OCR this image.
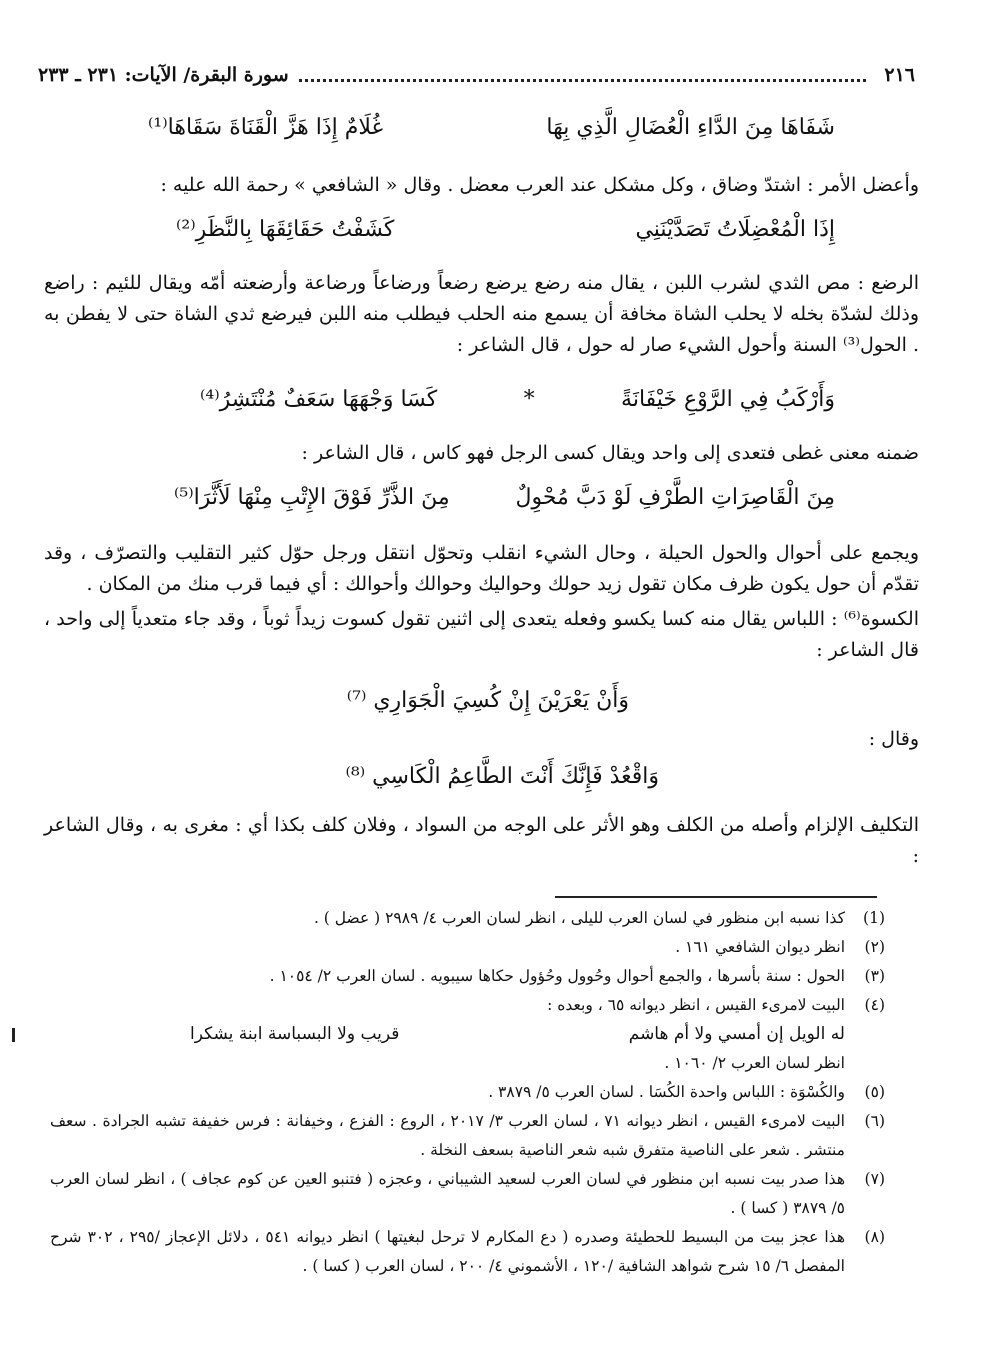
٢١٦
سورة البقرة/ الآيات: ٢٣١ ـ ٢٣٣
شَفَاهَا مِنَ الدَّاءِ الْعُضَالِ الَّذِي بِهَا
غُلَامٌ إِذَا هَزَّ الْقَنَاةَ سَقَاهَا⁽¹⁾

وأعضل الأمر : اشتدّ وضاق ، وكل مشكل عند العرب معضل . وقال « الشافعي » رحمة الله عليه :

إِذَا الْمُعْضِلَاتُ تَصَدَّيْنَنِي
كَشَفْتُ حَقَائِقَهَا بِالنَّظَرِ⁽²⁾

الرضع : مص الثدي لشرب اللبن ، يقال منه رضع يرضع رضعاً ورضاعاً ورضاعة وأرضعته أمّه ويقال للئيم : راضع وذلك لشدّة بخله لا يحلب الشاة مخافة أن يسمع منه الحلب فيطلب منه اللبن فيرضع ثدي الشاة حتى لا يفطن به . الحول⁽³⁾ السنة وأحول الشيء صار له حول ، قال الشاعر :

وَأَرْكَبُ فِي الرَّوْعِ خَيْفَانَةً
*
كَسَا وَجْهَهَا سَعَفٌ مُنْتَشِرُ⁽⁴⁾

ضمنه معنى غطى فتعدى إلى واحد ويقال كسى الرجل فهو كاس ، قال الشاعر :

مِنَ الْقَاصِرَاتِ الطَّرْفِ لَوْ دَبَّ مُحْوِلٌ
مِنَ الذَّرِّ فَوْقَ الإِتْبِ مِنْهَا لَأَثَّرَا⁽⁵⁾

ويجمع على أحوال والحول الحيلة ، وحال الشيء انقلب وتحوّل انتقل ورجل حوّل كثير التقليب والتصرّف ، وقد تقدّم أن حول يكون ظرف مكان تقول زيد حولك وحواليك وحوالك وأحوالك : أي فيما قرب منك من المكان .

الكسوة⁽⁶⁾ : اللباس يقال منه كسا يكسو وفعله يتعدى إلى اثنين تقول كسوت زيداً ثوباً ، وقد جاء متعدياً إلى واحد ، قال الشاعر :

وَأَنْ يَعْرَيْنَ إِنْ كُسِيَ الْجَوَارِي ⁽⁷⁾

وقال :

وَاقْعُدْ فَإِنَّكَ أَنْتَ الطَّاعِمُ الْكَاسِي ⁽⁸⁾

التكليف الإلزام وأصله من الكلف وهو الأثر على الوجه من السواد ، وفلان كلف بكذا أي : مغرى به ، وقال الشاعر :

(1)
كذا نسبه ابن منظور في لسان العرب لليلى ، انظر لسان العرب ٤/ ٢٩٨٩ ( عضل ) .
(٢)
انظر ديوان الشافعي ١٦١ .
(٣)
الحول : سنة بأسرها ، والجمع أحوال وحُوول وحُؤول حكاها سيبويه . لسان العرب ٢/ ١٠٥٤ .
(٤)
البيت لامرىء القيس ، انظر ديوانه ٦٥ ، وبعده :
له الويل إن أمسي ولا أم هاشم
قريب ولا البسباسة ابنة يشكرا
انظر لسان العرب ٢/ ١٠٦٠ .
(٥)
والكُسْوَة : اللباس واحدة الكُسَا . لسان العرب ٥/ ٣٨٧٩ .
(٦)
البيت لامرىء القيس ، انظر ديوانه ٧١ ، لسان العرب ٣/ ٢٠١٧ ، الروع : الفزع ، وخيفانة : فرس خفيفة تشبه الجرادة . سعف منتشر . شعر على الناصية متفرق شبه شعر الناصية بسعف النخلة .
(٧)
هذا صدر بيت نسبه ابن منظور في لسان العرب لسعيد الشيباني ، وعجزه ( فتنبو العين عن كوم عجاف ) ، انظر لسان العرب ٥/ ٣٨٧٩ ( كسا ) .
(٨)
هذا عجز بيت من البسيط للحطيئة وصدره ( دع المكارم لا ترحل لبغيتها ) انظر ديوانه ٥٤١ ، دلائل الإعجاز /٢٩٥ ، ٣٠٢ شرح المفصل ٦/ ١٥ شرح شواهد الشافية /١٢٠ ، الأشموني ٤/ ٢٠٠ ، لسان العرب ( كسا ) .
